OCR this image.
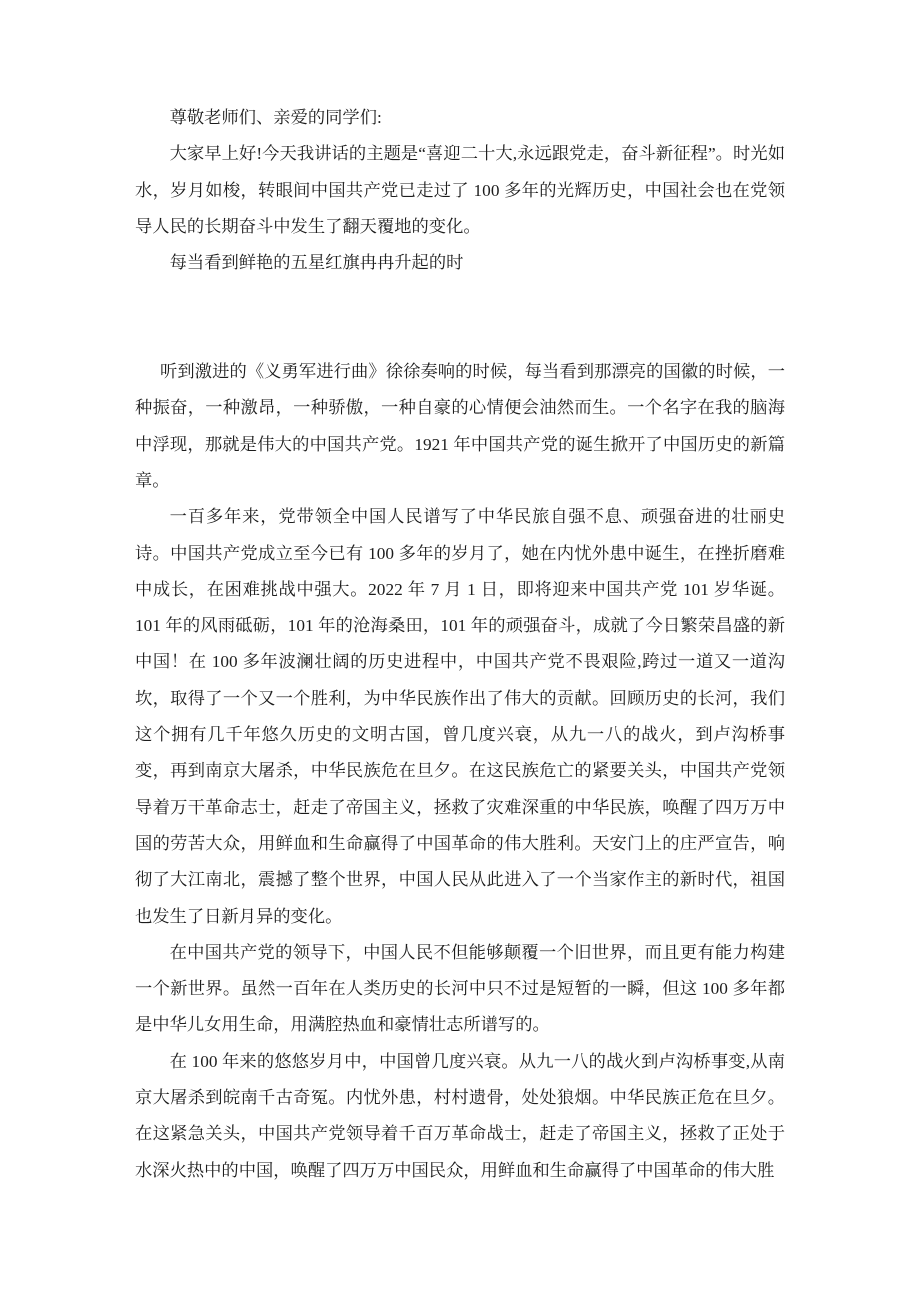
尊敬老师们、亲爱的同学们:

大家早上好!今天我讲话的主题是“喜迎二十大,永远跟党走，奋斗新征程”。时光如水，岁月如梭，转眼间中国共产党已走过了 100 多年的光辉历史，中国社会也在党领导人民的长期奋斗中发生了翻天覆地的变化。

每当看到鲜艳的五星红旗冉冉升起的时

听到激进的《义勇军进行曲》徐徐奏响的时候，每当看到那漂亮的国徽的时候，一种振奋，一种激昂，一种骄傲，一种自豪的心情便会油然而生。一个名字在我的脑海中浮现，那就是伟大的中国共产党。1921 年中国共产党的诞生掀开了中国历史的新篇章。

一百多年来，党带领全中国人民谱写了中华民旅自强不息、顽强奋进的壮丽史诗。中国共产党成立至今已有 100 多年的岁月了，她在内忧外患中诞生，在挫折磨难中成长，在困难挑战中强大。2022 年 7 月 1 日，即将迎来中国共产党 101 岁华诞。101 年的风雨砥砺，101 年的沧海桑田，101 年的顽强奋斗，成就了今日繁荣昌盛的新中国！在 100 多年波澜壮阔的历史进程中，中国共产党不畏艰险,跨过一道又一道沟坎，取得了一个又一个胜利，为中华民族作出了伟大的贡献。回顾历史的长河，我们这个拥有几千年悠久历史的文明古国，曾几度兴衰，从九一八的战火，到卢沟桥事变，再到南京大屠杀，中华民族危在旦夕。在这民族危亡的紧要关头，中国共产党领导着万干革命志士，赶走了帝国主义，拯救了灾难深重的中华民族，唤醒了四万万中国的劳苦大众，用鲜血和生命赢得了中国革命的伟大胜利。天安门上的庄严宣告，响彻了大江南北，震撼了整个世界，中国人民从此进入了一个当家作主的新时代，祖国也发生了日新月异的变化。

在中国共产党的领导下，中国人民不但能够颠覆一个旧世界，而且更有能力构建一个新世界。虽然一百年在人类历史的长河中只不过是短暂的一瞬，但这 100 多年都是中华儿女用生命，用满腔热血和豪情壮志所谱写的。

在 100 年来的悠悠岁月中，中国曾几度兴衰。从九一八的战火到卢沟桥事变,从南京大屠杀到皖南千古奇冤。内忧外患，村村遗骨，处处狼烟。中华民族正危在旦夕。在这紧急关头，中国共产党领导着千百万革命战士，赶走了帝国主义，拯救了正处于水深火热中的中国，唤醒了四万万中国民众，用鲜血和生命赢得了中国革命的伟大胜
